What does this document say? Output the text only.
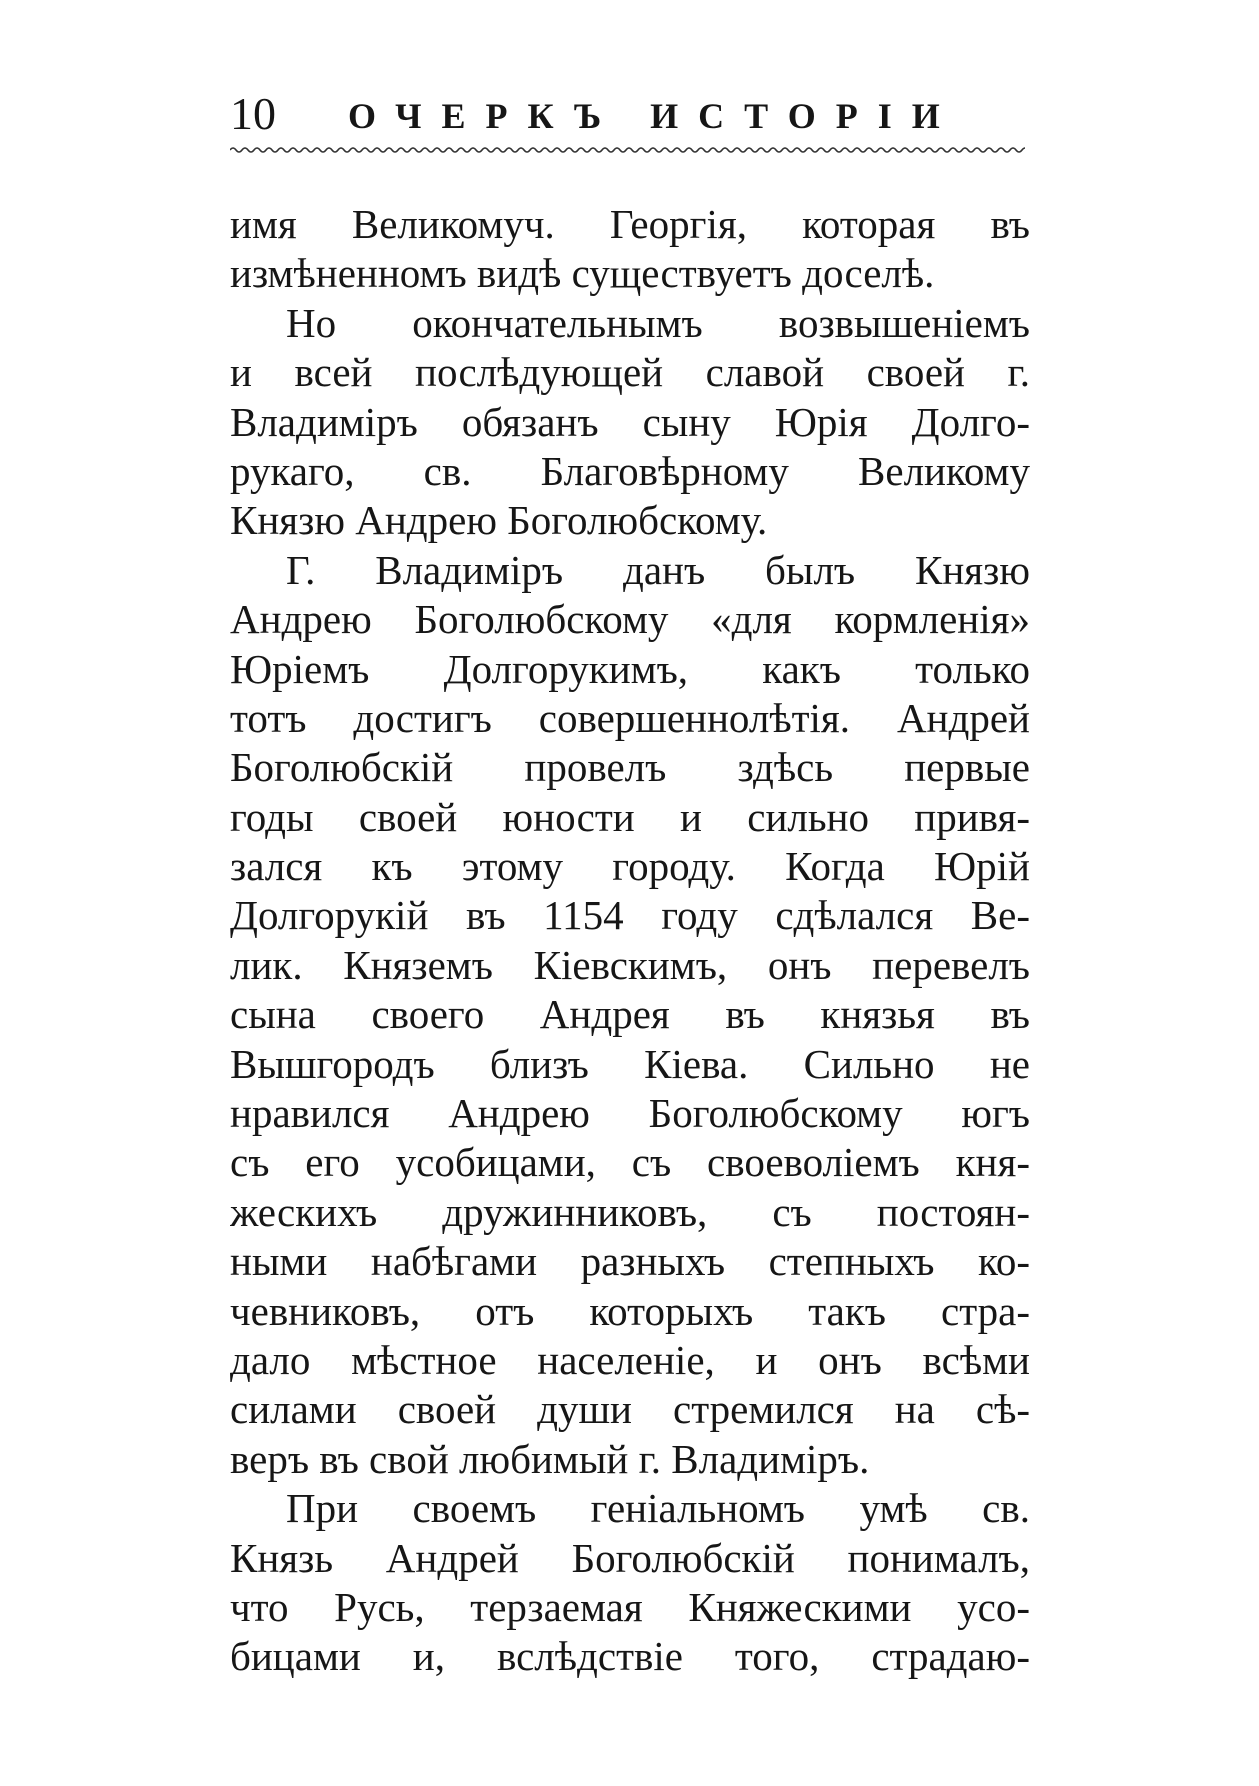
10 ОЧЕРКЪ ИСТОРІИ
имя Великомуч. Георгія, которая въ
измѣненномъ видѣ существуетъ доселѣ.
Но окончательнымъ возвышеніемъ
и всей послѣдующей славой своей г.
Владиміръ обязанъ сыну Юрія Долго-
рукаго, св. Благовѣрному Великому
Князю Андрею Боголюбскому.
Г. Владиміръ данъ былъ Князю
Андрею Боголюбскому «для кормленія»
Юріемъ Долгорукимъ, какъ только
тотъ достигъ совершеннолѣтія. Андрей
Боголюбскій провелъ здѣсь первые
годы своей юности и сильно привя-
зался къ этому городу. Когда Юрій
Долгорукій въ 1154 году сдѣлался Ве-
лик. Княземъ Кіевскимъ, онъ перевелъ
сына своего Андрея въ князья въ
Вышгородъ близъ Кіева. Сильно не
нравился Андрею Боголюбскому югъ
съ его усобицами, съ своеволіемъ кня-
жескихъ дружинниковъ, съ постоян-
ными набѣгами разныхъ степныхъ ко-
чевниковъ, отъ которыхъ такъ стра-
дало мѣстное населеніе, и онъ всѣми
силами своей души стремился на сѣ-
веръ въ свой любимый г. Владиміръ.
При своемъ геніальномъ умѣ св.
Князь Андрей Боголюбскій понималъ,
что Русь, терзаемая Княжескими усо-
бицами и, вслѣдствіе того, страдаю-
